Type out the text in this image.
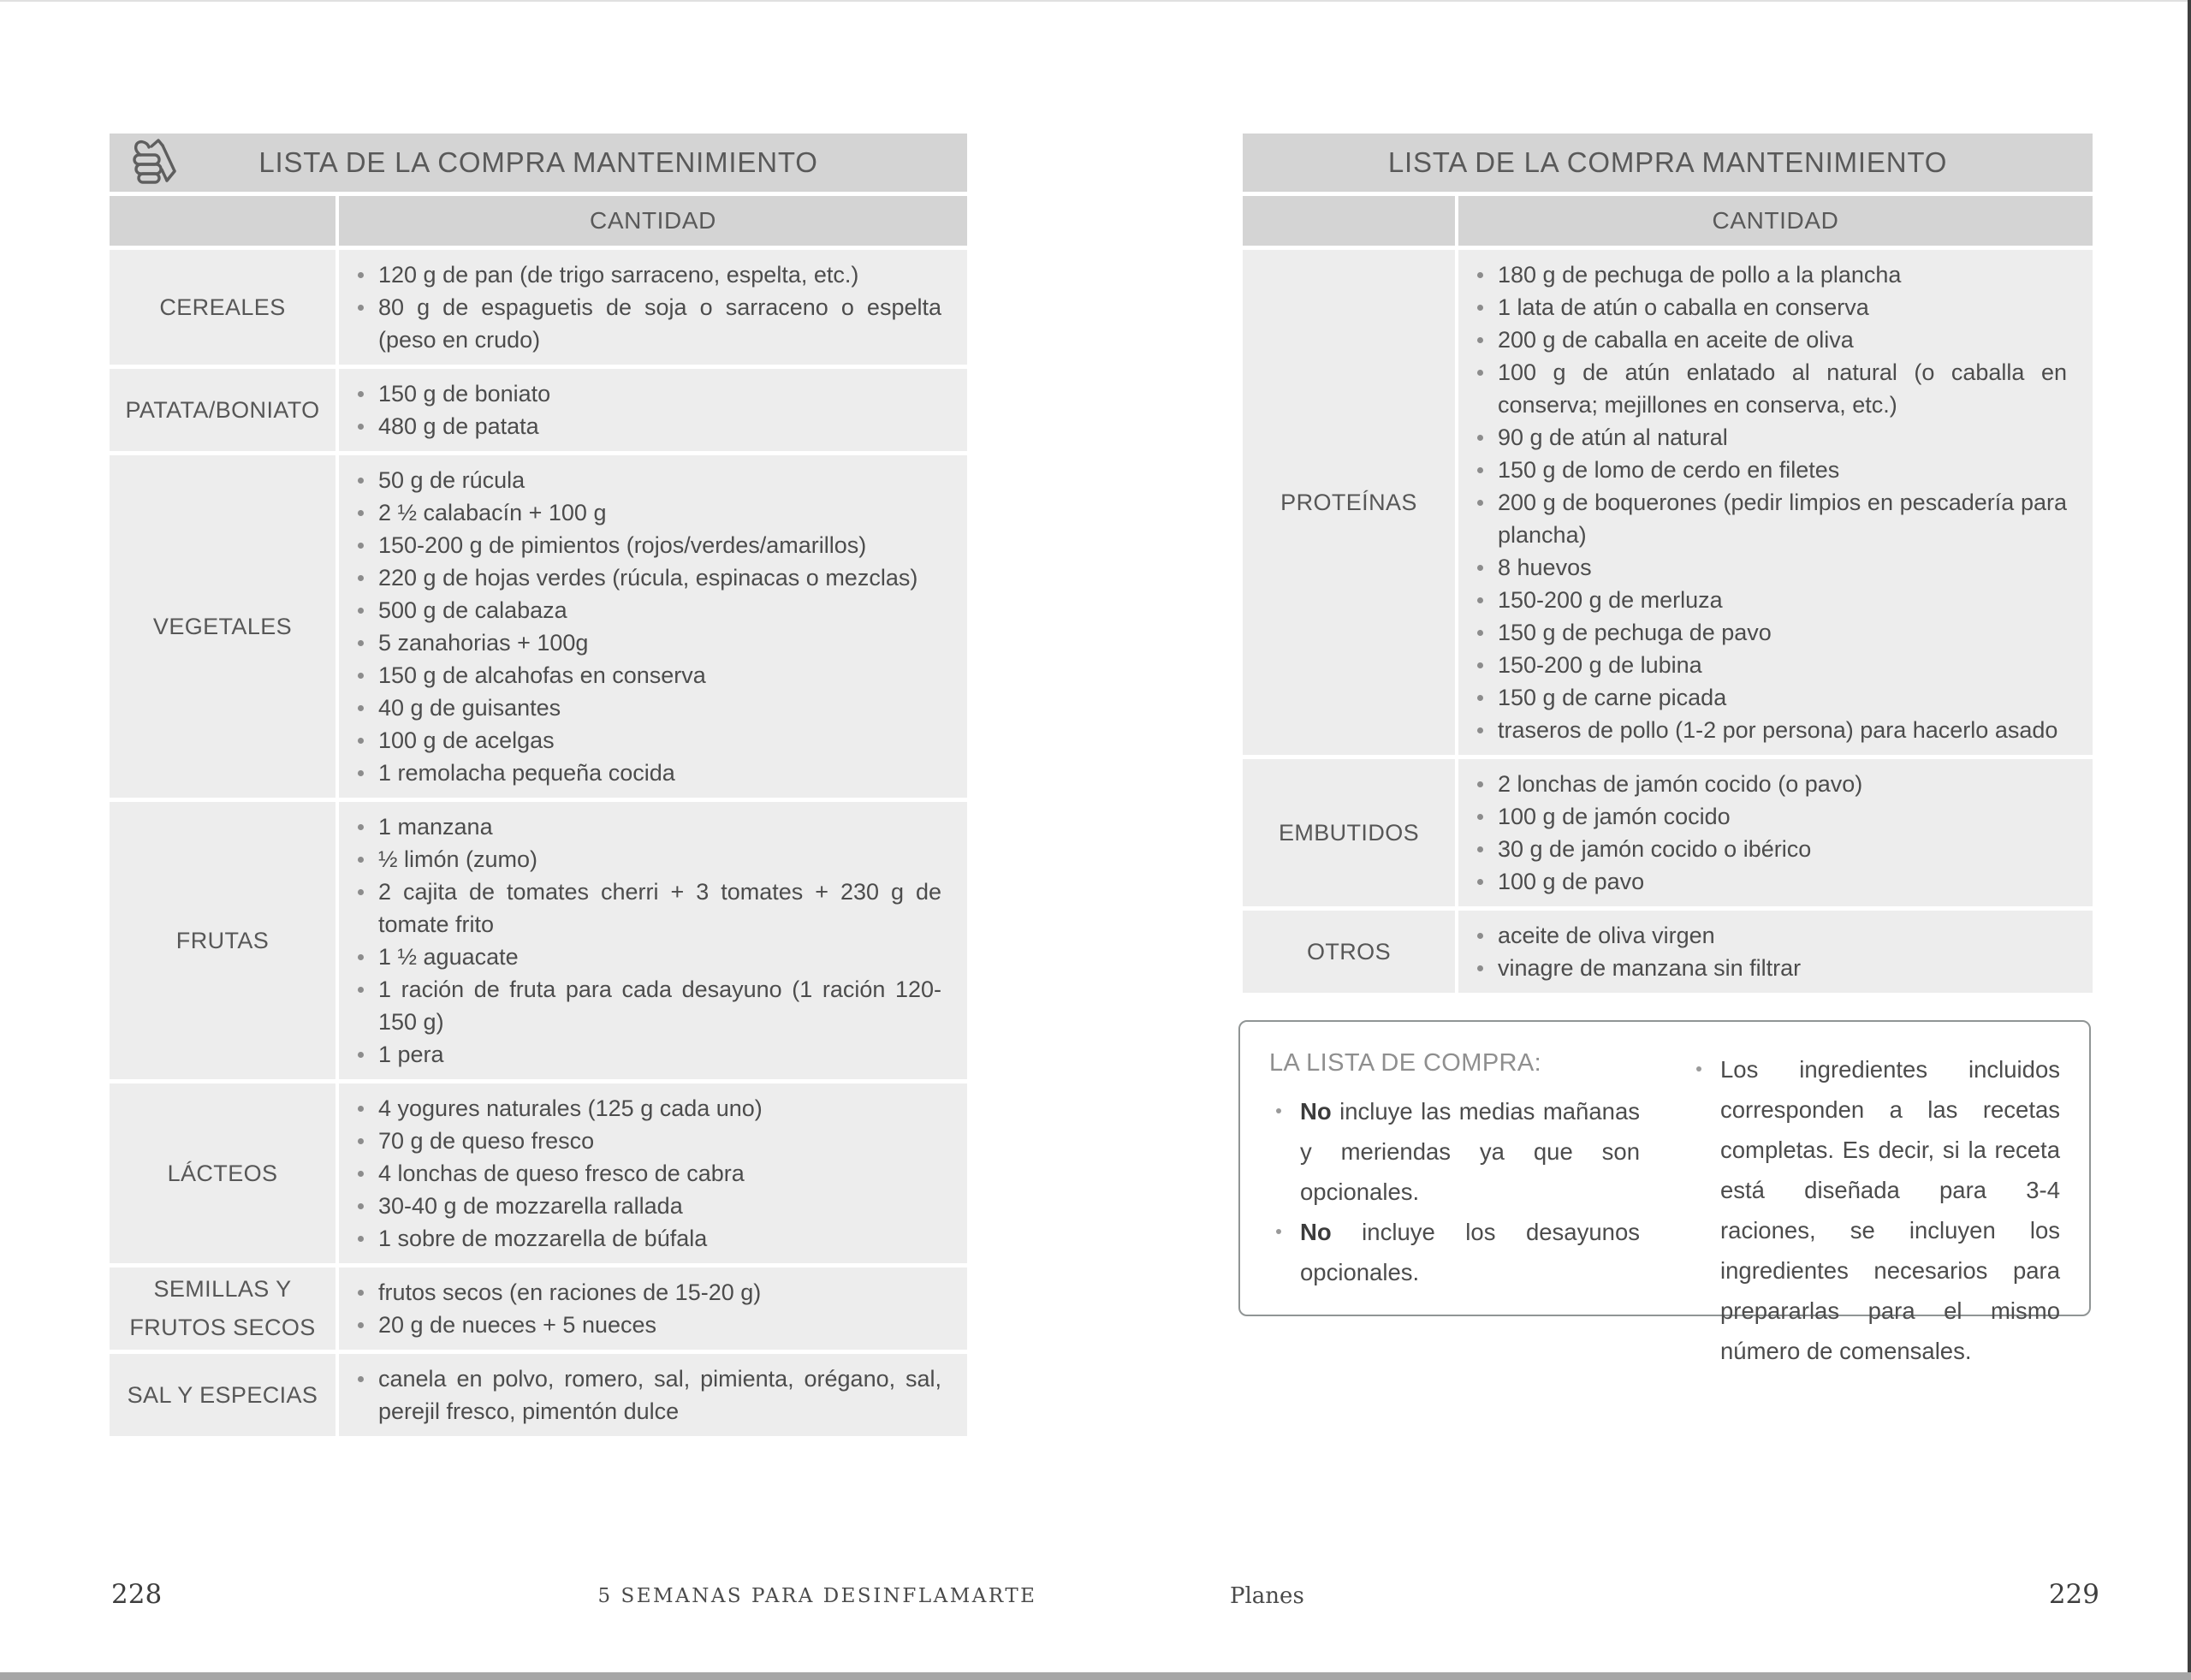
LISTA DE LA COMPRA MANTENIMIENTO
CANTIDAD
CEREALES
120 g de pan (de trigo sarraceno, espelta, etc.)
80 g de espaguetis de soja o sarraceno o espelta (peso en crudo)
PATATA/BONIATO
150 g de boniato
480 g de patata
VEGETALES
50 g de rúcula
2 ½ calabacín + 100 g
150-200 g de pimientos (rojos/verdes/amarillos)
220 g de hojas verdes (rúcula, espinacas o mezclas)
500 g de calabaza
5 zanahorias + 100g
150 g de alcahofas en conserva
40 g de guisantes
100 g de acelgas
1 remolacha pequeña cocida
FRUTAS
1 manzana
½ limón (zumo)
2 cajita de tomates cherri + 3 tomates + 230 g de tomate frito
1 ½ aguacate
1 ración de fruta para cada desayuno (1 ración 120-150 g)
1 pera
LÁCTEOS
4 yogures naturales (125 g cada uno)
70 g de queso fresco
4 lonchas de queso fresco de cabra
30-40 g de mozzarella rallada
1 sobre de mozzarella de búfala
SEMILLAS Y FRUTOS SECOS
frutos secos (en raciones de 15-20 g)
20 g de nueces + 5 nueces
SAL Y ESPECIAS
canela en polvo, romero, sal, pimienta, orégano, sal, perejil fresco, pimentón dulce
228	5 SEMANAS PARA DESINFLAMARTE
LISTA DE LA COMPRA MANTENIMIENTO
CANTIDAD
PROTEÍNAS
180 g de pechuga de pollo a la plancha
1 lata de atún o caballa en conserva
200 g de caballa en aceite de oliva
100 g de atún enlatado al natural (o caballa en conserva; mejillones en conserva, etc.)
90 g de atún al natural
150 g de lomo de cerdo en filetes
200 g de boquerones (pedir limpios en pescadería para plancha)
8 huevos
150-200 g de merluza
150 g de pechuga de pavo
150-200 g de lubina
150 g de carne picada
traseros de pollo (1-2 por persona) para hacerlo asado
EMBUTIDOS
2 lonchas de jamón cocido (o pavo)
100 g de jamón cocido
30 g de jamón cocido o ibérico
100 g de pavo
OTROS
aceite de oliva virgen
vinagre de manzana sin filtrar
LA LISTA DE COMPRA:
No incluye las medias mañanas y meriendas ya que son opcionales.
No incluye los desayunos opcionales.
Los ingredientes incluidos corresponden a las recetas completas. Es decir, si la receta está diseñada para 3-4 raciones, se incluyen los ingredientes necesarios para prepararlas para el mismo número de comensales.
Planes	229
